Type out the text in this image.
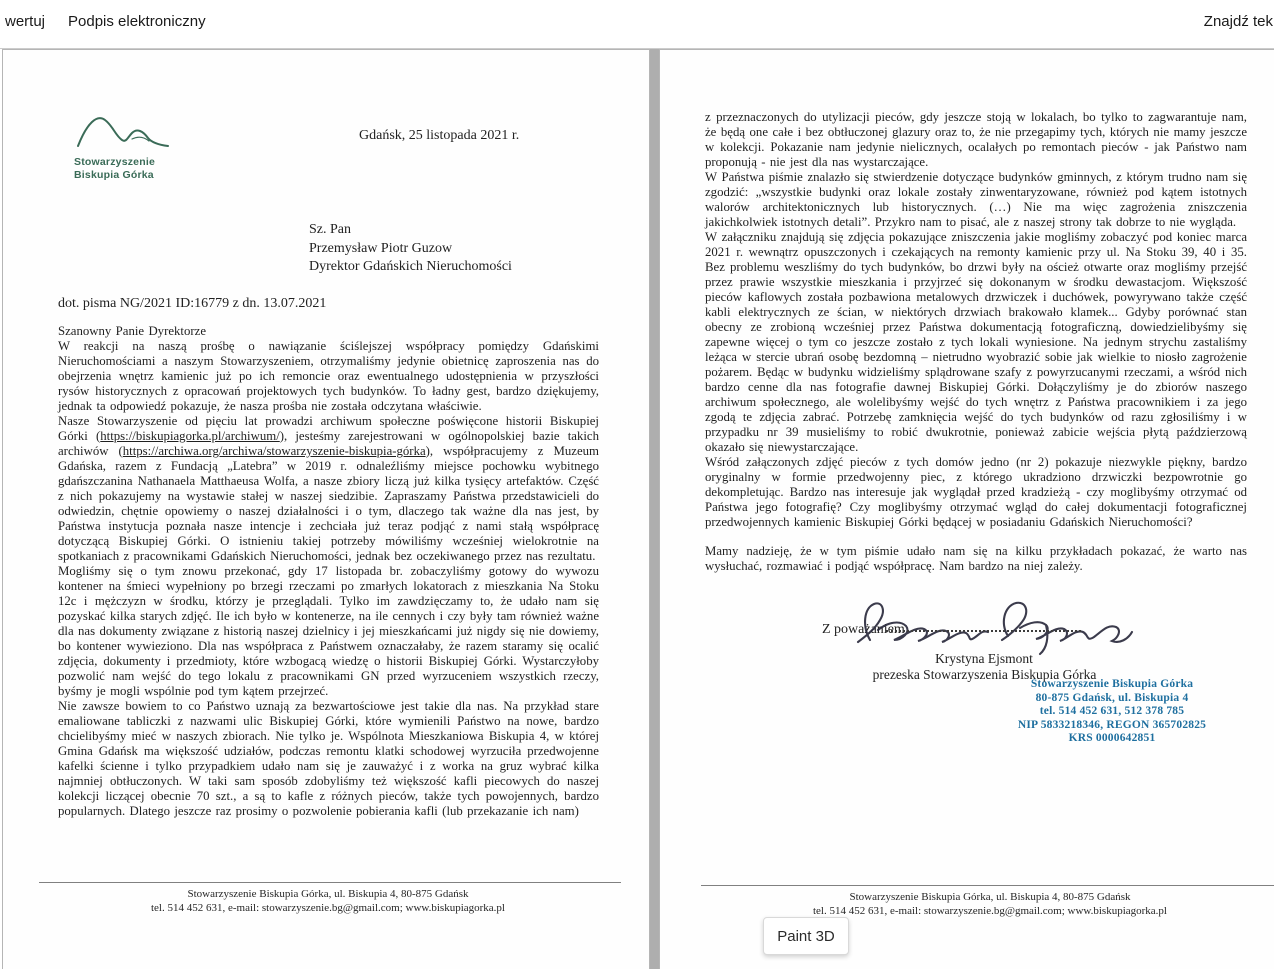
wertuj Podpis elektroniczny	Znajdź tek
Stowarzyszenie
Biskupia Górka
Gdańsk, 25 listopada 2021 r.
Sz. Pan
Przemysław Piotr Guzow
Dyrektor Gdańskich Nieruchomości
dot. pisma NG/2021 ID:16779 z dn. 13.07.2021

Szanowny Panie Dyrektorze

W reakcji na naszą prośbę o nawiązanie ściślejszej współpracy pomiędzy Gdańskimi Nieruchomościami a naszym Stowarzyszeniem, otrzymaliśmy jedynie obietnicę zaproszenia nas do obejrzenia wnętrz kamienic już po ich remoncie oraz ewentualnego udostępnienia w przyszłości rysów historycznych z opracowań projektowych tych budynków. To ładny gest, bardzo dziękujemy, jednak ta odpowiedź pokazuje, że nasza prośba nie została odczytana właściwie.

Nasze Stowarzyszenie od pięciu lat prowadzi archiwum społeczne poświęcone historii Biskupiej Górki (https://biskupiagorka.pl/archiwum/), jesteśmy zarejestrowani w ogólnopolskiej bazie takich archiwów (https://archiwa.org/archiwa/stowarzyszenie-biskupia-górka), współpracujemy z Muzeum Gdańska, razem z Fundacją „Latebra” w 2019 r. odnaleźliśmy miejsce pochowku wybitnego gdańszczanina Nathanaela Matthaeusa Wolfa, a nasze zbiory liczą już kilka tysięcy artefaktów. Część z nich pokazujemy na wystawie stałej w naszej siedzibie. Zapraszamy Państwa przedstawicieli do odwiedzin, chętnie opowiemy o naszej działalności i o tym, dlaczego tak ważne dla nas jest, by Państwa instytucja poznała nasze intencje i zechciała już teraz podjąć z nami stałą współpracę dotyczącą Biskupiej Górki. O istnieniu takiej potrzeby mówiliśmy wcześniej wielokrotnie na spotkaniach z pracownikami Gdańskich Nieruchomości, jednak bez oczekiwanego przez nas rezultatu.

Mogliśmy się o tym znowu przekonać, gdy 17 listopada br. zobaczyliśmy gotowy do wywozu kontener na śmieci wypełniony po brzegi rzeczami po zmarłych lokatorach z mieszkania Na Stoku 12c i mężczyzn w środku, którzy je przeglądali. Tylko im zawdzięczamy to, że udało nam się pozyskać kilka starych zdjęć. Ile ich było w kontenerze, na ile cennych i czy były tam również ważne dla nas dokumenty związane z historią naszej dzielnicy i jej mieszkańcami już nigdy się nie dowiemy, bo kontener wywieziono. Dla nas współpraca z Państwem oznaczałaby, że razem staramy się ocalić zdjęcia, dokumenty i przedmioty, które wzbogacą wiedzę o historii Biskupiej Górki. Wystarczyłoby pozwolić nam wejść do tego lokalu z pracownikami GN przed wyrzuceniem wszystkich rzeczy, byśmy je mogli wspólnie pod tym kątem przejrzeć.

Nie zawsze bowiem to co Państwo uznają za bezwartościowe jest takie dla nas. Na przykład stare emaliowane tabliczki z nazwami ulic Biskupiej Górki, które wymienili Państwo na nowe, bardzo chcielibyśmy mieć w naszych zbiorach. Nie tylko je. Wspólnota Mieszkaniowa Biskupia 4, w której Gmina Gdańsk ma większość udziałów, podczas remontu klatki schodowej wyrzuciła przedwojenne kafelki ścienne i tylko przypadkiem udało nam się je zauważyć i z worka na gruz wybrać kilka najmniej obtłuczonych. W taki sam sposób zdobyliśmy też większość kafli piecowych do naszej kolekcji liczącej obecnie 70 szt., a są to kafle z różnych pieców, także tych powojennych, bardzo popularnych. Dlatego jeszcze raz prosimy o pozwolenie pobierania kafli (lub przekazanie ich nam)

Stowarzyszenie Biskupia Górka, ul. Biskupia 4, 80-875 Gdańsk
tel. 514 452 631, e-mail: stowarzyszenie.bg@gmail.com; www.biskupiagorka.pl

z przeznaczonych do utylizacji pieców, gdy jeszcze stoją w lokalach, bo tylko to zagwarantuje nam, że będą one całe i bez obtłuczonej glazury oraz to, że nie przegapimy tych, których nie mamy jeszcze w kolekcji. Pokazanie nam jedynie nielicznych, ocalałych po remontach pieców - jak Państwo nam proponują - nie jest dla nas wystarczające.

W Państwa piśmie znalazło się stwierdzenie dotyczące budynków gminnych, z którym trudno nam się zgodzić: „wszystkie budynki oraz lokale zostały zinwentaryzowane, również pod kątem istotnych walorów architektonicznych lub historycznych. (…) Nie ma więc zagrożenia zniszczenia jakichkolwiek istotnych detali”. Przykro nam to pisać, ale z naszej strony tak dobrze to nie wygląda.

W załączniku znajdują się zdjęcia pokazujące zniszczenia jakie mogliśmy zobaczyć pod koniec marca 2021 r. wewnątrz opuszczonych i czekających na remonty kamienic przy ul. Na Stoku 39, 40 i 35. Bez problemu weszliśmy do tych budynków, bo drzwi były na oścież otwarte oraz mogliśmy przejść przez prawie wszystkie mieszkania i przyjrzeć się dokonanym w środku dewastacjom. Większość pieców kaflowych została pozbawiona metalowych drzwiczek i duchówek, powyrywano także część kabli elektrycznych ze ścian, w niektórych drzwiach brakowało klamek... Gdyby porównać stan obecny ze zrobioną wcześniej przez Państwa dokumentacją fotograficzną, dowiedzielibyśmy się zapewne więcej o tym co jeszcze zostało z tych lokali wyniesione. Na jednym strychu zastaliśmy leżąca w stercie ubrań osobę bezdomną – nietrudno wyobrazić sobie jak wielkie to niosło zagrożenie pożarem. Będąc w budynku widzieliśmy splądrowane szafy z powyrzucanymi rzeczami, a wśród nich bardzo cenne dla nas fotografie dawnej Biskupiej Górki. Dołączyliśmy je do zbiorów naszego archiwum społecznego, ale wolelibyśmy wejść do tych wnętrz z Państwa pracownikiem i za jego zgodą te zdjęcia zabrać. Potrzebę zamknięcia wejść do tych budynków od razu zgłosiliśmy i w przypadku nr 39 musieliśmy to robić dwukrotnie, ponieważ zabicie wejścia płytą paździerzową okazało się niewystarczające.

Wśród załączonych zdjęć pieców z tych domów jedno (nr 2) pokazuje niezwykle piękny, bardzo oryginalny w formie przedwojenny piec, z którego ukradziono drzwiczki bezpowrotnie go dekompletując. Bardzo nas interesuje jak wyglądał przed kradzieżą - czy moglibyśmy otrzymać od Państwa jego fotografię? Czy moglibyśmy otrzymać wgląd do całej dokumentacji fotograficznej przedwojennych kamienic Biskupiej Górki będącej w posiadaniu Gdańskich Nieruchomości?

Mamy nadzieję, że w tym piśmie udało nam się na kilku przykładach pokazać, że warto nas wysłuchać, rozmawiać i podjąć współpracę. Nam bardzo na niej zależy.

Z poważaniem
Krystyna Ejsmont
prezeska Stowarzyszenia Biskupia Górka
Stowarzyszenie Biskupia Górka
80-875 Gdańsk, ul. Biskupia 4
tel. 514 452 631, 512 378 785
NIP 5833218346, REGON 365702825
KRS 0000642851
Stowarzyszenie Biskupia Górka, ul. Biskupia 4, 80-875 Gdańsk
tel. 514 452 631, e-mail: stowarzyszenie.bg@gmail.com; www.biskupiagorka.pl
Paint 3D
